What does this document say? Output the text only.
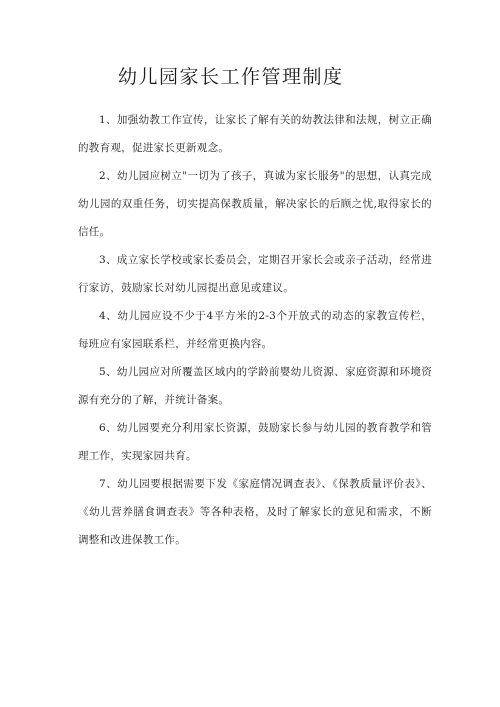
幼儿园家长工作管理制度

1、加强幼教工作宣传，让家长了解有关的幼教法律和法规，树立正确的教育观，促进家长更新观念。

2、幼儿园应树立"一切为了孩子，真诚为家长服务"的思想，认真完成幼儿园的双重任务，切实提高保教质量，解决家长的后顾之忧,取得家长的信任。

3、成立家长学校或家长委员会，定期召开家长会或亲子活动，经常进行家访，鼓励家长对幼儿园提出意见或建议。

4、幼儿园应设不少于4平方米的2-3个开放式的动态的家教宣传栏，每班应有家园联系栏，并经常更换内容。

5、幼儿园应对所覆盖区域内的学龄前婴幼儿资源、家庭资源和环境资源有充分的了解，并统计备案。

6、幼儿园要充分利用家长资源，鼓励家长参与幼儿园的教育教学和管理工作，实现家园共育。

7、幼儿园要根据需要下发《家庭情况调查表》、《保教质量评价表》、《幼儿营养膳食调查表》等各种表格，及时了解家长的意见和需求，不断调整和改进保教工作。
